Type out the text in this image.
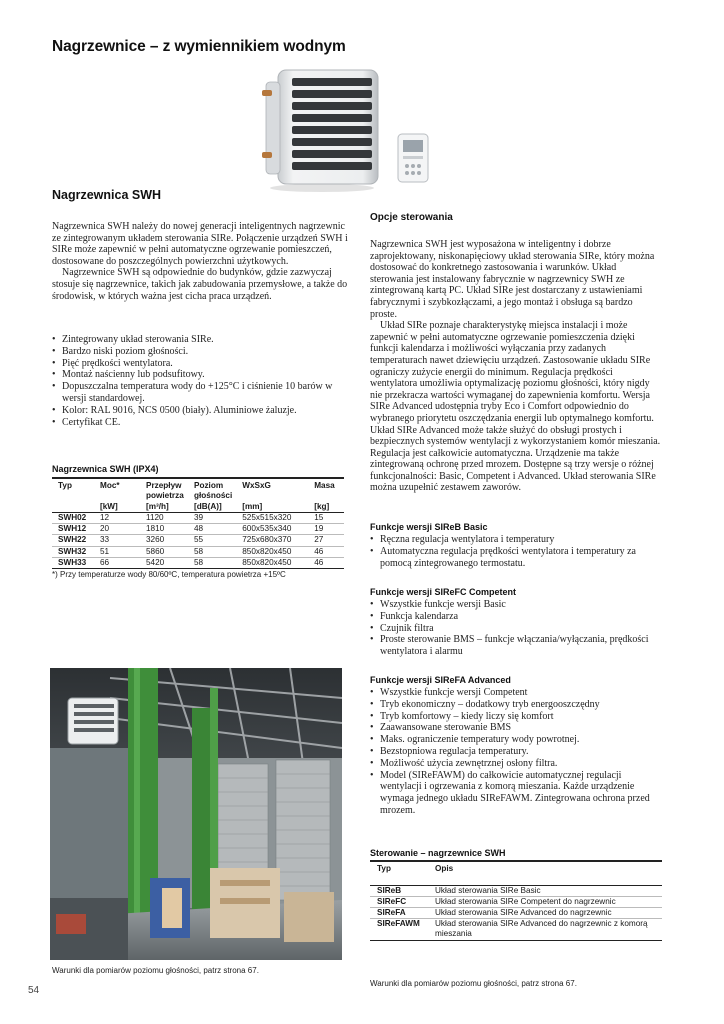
Nagrzewnice – z wymiennikiem wodnym
Nagrzewnica SWH

Nagrzewnica SWH należy do nowej generacji inteligentnych nagrzewnic ze zintegrowanym układem sterowania SIRe. Połączenie urządzeń SWH i SIRe może zapewnić w pełni automatyczne ogrzewanie pomieszczeń, dostosowane do poszczególnych powierzchni użytkowych.

Nagrzewnice SWH są odpowiednie do budynków, gdzie zazwyczaj stosuje się nagrzewnice, takich jak zabudowania przemysłowe, a także do środowisk, w których ważna jest cicha praca urządzeń.

• Zintegrowany układ sterowania SIRe.
• Bardzo niski poziom głośności.
• Pięć prędkości wentylatora.
• Montaż naścienny lub podsufitowy.
• Dopuszczalna temperatura wody do +125°C i ciśnienie 10 barów w wersji standardowej.
• Kolor: RAL 9016, NCS 0500 (biały). Aluminiowe żaluzje.
• Certyfikat CE.
Nagrzewnica SWH (IPX4)
Typ	Moc*	Przepływ powietrza	Poziom głośności	WxSxG	Masa
	[kW]	[m³/h]	[dB(A)]	[mm]	[kg]
SWH02	12	1120	39	525x515x320	15
SWH12	20	1810	48	600x535x340	19
SWH22	33	3260	55	725x680x370	27
SWH32	51	5860	58	850x820x450	46
SWH33	66	5420	58	850x820x450	46
*) Przy temperaturze wody 80/60ºC, temperatura powietrza +15ºC
Warunki dla pomiarów poziomu głośności, patrz strona 67.
Opcje sterowania

Nagrzewnica SWH jest wyposażona w inteligentny i dobrze zaprojektowany, niskonapięciowy układ sterowania SIRe, który można dostosować do konkretnego zastosowania i warunków. Układ sterowania jest instalowany fabrycznie w nagrzewnicy SWH ze zintegrowaną kartą PC. Układ SIRe jest dostarczany z ustawieniami fabrycznymi i szybkozłączami, a jego montaż i obsługa są bardzo proste.

Układ SIRe poznaje charakterystykę miejsca instalacji i może zapewnić w pełni automatyczne ogrzewanie pomieszczenia dzięki funkcji kalendarza i możliwości wyłączania przy zadanych temperaturach nawet dziewięciu urządzeń. Zastosowanie układu SIRe ograniczy zużycie energii do minimum. Regulacja prędkości wentylatora umożliwia optymalizację poziomu głośności, który nigdy nie przekracza wartości wymaganej do zapewnienia komfortu. Wersja SIRe Advanced udostępnia tryby Eco i Comfort odpowiednio do wybranego priorytetu oszczędzania energii lub optymalnego komfortu. Układ SIRe Advanced może także służyć do obsługi prostych i bezpiecznych systemów wentylacji z wykorzystaniem komór mieszania. Regulacja jest całkowicie automatyczna. Urządzenie ma także zintegrowaną ochronę przed mrozem. Dostępne są trzy wersje o różnej funkcjonalności: Basic, Competent i Advanced. Układ sterowania SIRe można uzupełnić zestawem zaworów.

Funkcje wersji SIReB Basic
• Ręczna regulacja wentylatora i temperatury
• Automatyczna regulacja prędkości wentylatora i temperatury za pomocą zintegrowanego termostatu.
Funkcje wersji SIReFC Competent
• Wszystkie funkcje wersji Basic
• Funkcja kalendarza
• Czujnik filtra
• Proste sterowanie BMS – funkcje włączania/wyłączania, prędkości wentylatora i alarmu
Funkcje wersji SIReFA Advanced
• Wszystkie funkcje wersji Competent
• Tryb ekonomiczny – dodatkowy tryb energooszczędny
• Tryb komfortowy – kiedy liczy się komfort
• Zaawansowane sterowanie BMS
• Maks. ograniczenie temperatury wody powrotnej.
• Bezstopniowa regulacja temperatury.
• Możliwość użycia zewnętrznej osłony filtra.
• Model (SIReFAWM) do całkowicie automatycznej regulacji wentylacji i ogrzewania z komorą mieszania. Każde urządzenie wymaga jednego układu SIReFAWM. Zintegrowana ochrona przed mrozem.
Sterowanie – nagrzewnice SWH
Typ	Opis
SIReB	Układ sterowania SIRe Basic
SIReFC	Układ sterowania SIRe Competent do nagrzewnic
SIReFA	Układ sterowania SIRe Advanced do nagrzewnic
SIReFAWM	Układ sterowania SIRe Advanced do nagrzewnic z komorą mieszania
Warunki dla pomiarów poziomu głośności, patrz strona 67.
54
